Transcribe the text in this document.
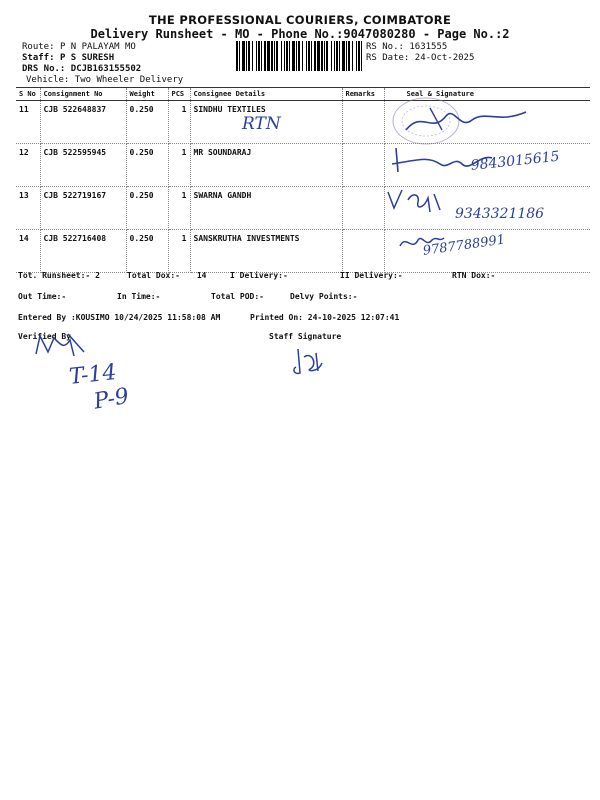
THE PROFESSIONAL COURIERS, COIMBATORE
Delivery Runsheet - MO - Phone No.:9047080280 - Page No.:2
Route: P N PALAYAM MO
Staff: P S SURESH
DRS No.: DCJB163155502
Vehicle: Two Wheeler Delivery
RS No.: 1631555
RS Date: 24-Oct-2025
S No	Consignment No	Weight	PCS	Consignee Details	Remarks	Seal & Signature
11	CJB 522648837	0.250	1	SINDHU TEXTILES		
12	CJB 522595945	0.250	1	MR SOUNDARAJ		
13	CJB 522719167	0.250	1	SWARNA GANDH		
14	CJB 522716408	0.250	1	SANSKRUTHA INVESTMENTS		
Tot. Runsheet:- 2	Total Dox:- 14	I Delivery:-	II Delivery:-	RTN Dox:-
Out Time:-	In Time:-	Total POD:-	Delvy Points:-
Entered By :KOUSIMO 10/24/2025 11:58:08 AM	Printed On: 24-10-2025 12:07:41
Verified By	Staff Signature
RTN
9843015615
9343321186
9787788991
T-14
P-9
